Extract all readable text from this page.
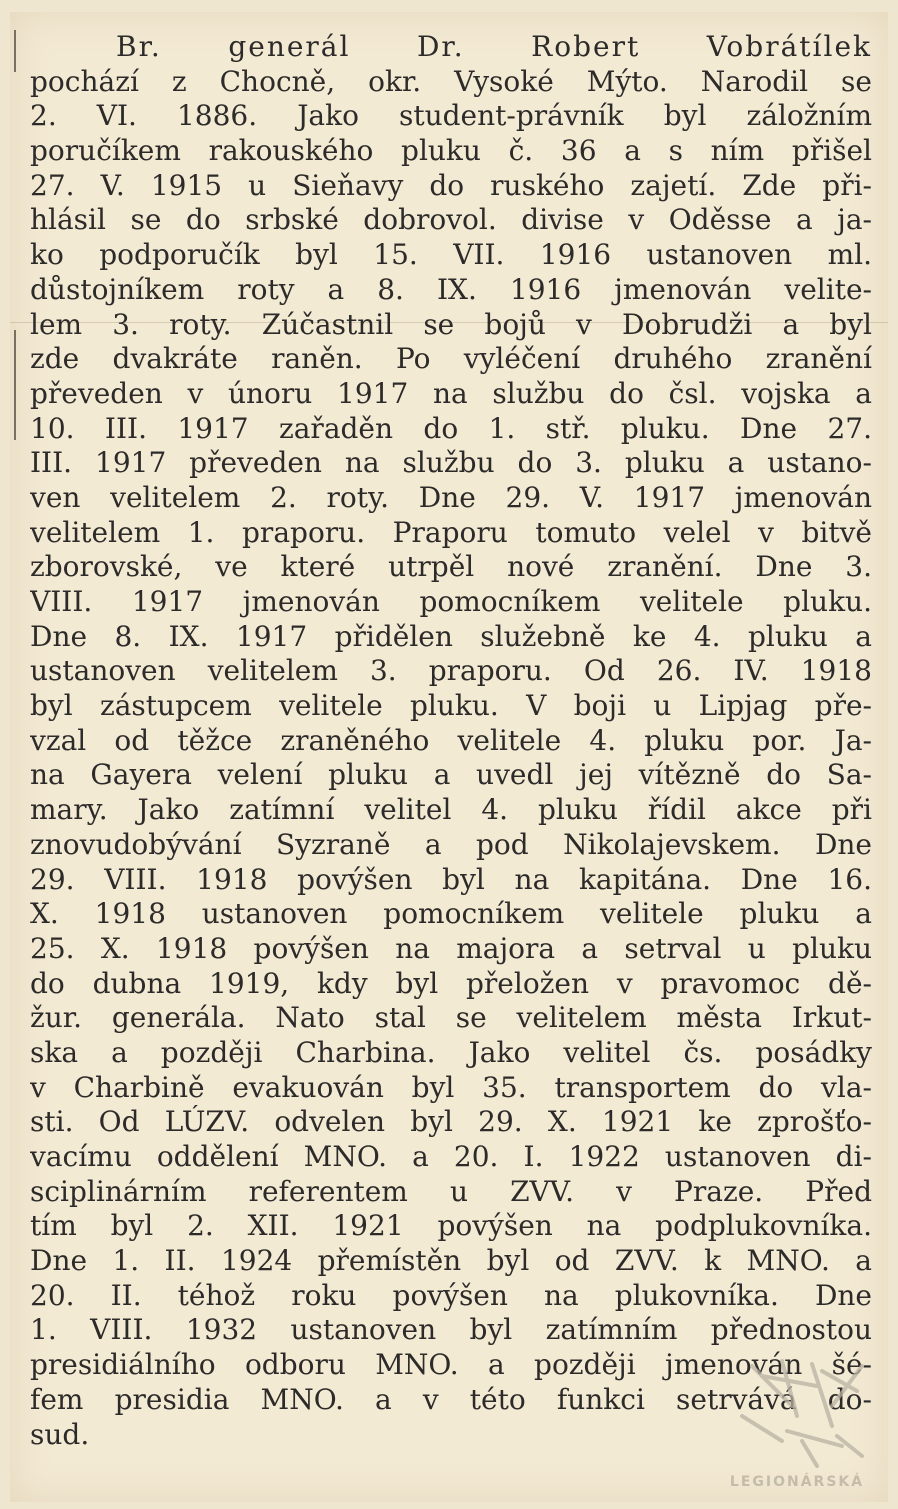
Br. generál Dr. Robert Vobrátílek
pochází z Chocně, okr. Vysoké Mýto. Narodil se
2. VI. 1886. Jako student-právník byl záložním
poručíkem rakouského pluku č. 36 a s ním přišel
27. V. 1915 u Sieňavy do ruského zajetí. Zde při-
hlásil se do srbské dobrovol. divise v Oděsse a ja-
ko podporučík byl 15. VII. 1916 ustanoven ml.
důstojníkem roty a 8. IX. 1916 jmenován velite-
lem 3. roty. Zúčastnil se bojů v Dobrudži a byl
zde dvakráte raněn. Po vyléčení druhého zranění
převeden v únoru 1917 na službu do čsl. vojska a
10. III. 1917 zařaděn do 1. stř. pluku. Dne 27.
III. 1917 převeden na službu do 3. pluku a ustano-
ven velitelem 2. roty. Dne 29. V. 1917 jmenován
velitelem 1. praporu. Praporu tomuto velel v bitvě
zborovské, ve které utrpěl nové zranění. Dne 3.
VIII. 1917 jmenován pomocníkem velitele pluku.
Dne 8. IX. 1917 přidělen služebně ke 4. pluku a
ustanoven velitelem 3. praporu. Od 26. IV. 1918
byl zástupcem velitele pluku. V boji u Lipjag pře-
vzal od těžce zraněného velitele 4. pluku por. Ja-
na Gayera velení pluku a uvedl jej vítězně do Sa-
mary. Jako zatímní velitel 4. pluku řídil akce při
znovudobývání Syzraně a pod Nikolajevskem. Dne
29. VIII. 1918 povýšen byl na kapitána. Dne 16.
X. 1918 ustanoven pomocníkem velitele pluku a
25. X. 1918 povýšen na majora a setrval u pluku
do dubna 1919, kdy byl přeložen v pravomoc dě-
žur. generála. Nato stal se velitelem města Irkut-
ska a později Charbina. Jako velitel čs. posádky
v Charbině evakuován byl 35. transportem do vla-
sti. Od LÚZV. odvelen byl 29. X. 1921 ke zprošťo-
vacímu oddělení MNO. a 20. I. 1922 ustanoven di-
sciplinárním referentem u ZVV. v Praze. Před
tím byl 2. XII. 1921 povýšen na podplukovníka.
Dne 1. II. 1924 přemístěn byl od ZVV. k MNO. a
20. II. téhož roku povýšen na plukovníka. Dne
1. VIII. 1932 ustanoven byl zatímním přednostou
presidiálního odboru MNO. a později jmenován šé-
fem presidia MNO. a v této funkci setrvává do-
sud.
LEGIONÁRSKÁ
